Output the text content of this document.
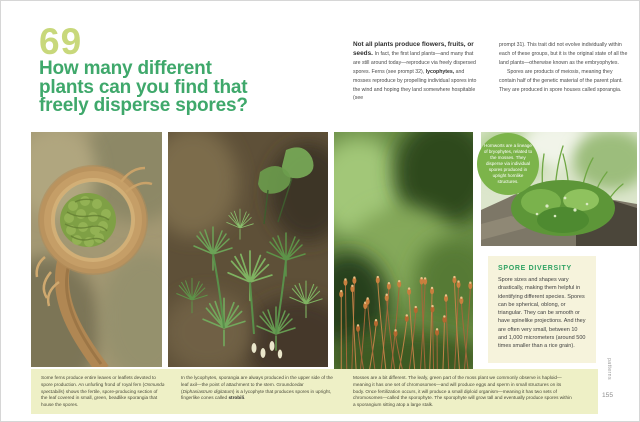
69
How many different
plants can you find that
freely disperse spores?

Not all plants produce flowers, fruits, or seeds. In fact, the first land plants—and many that are still around today—reproduce via freely dispersed spores. Ferns (see prompt 32), lycophytes, and mosses reproduce by propelling individual spores into the wind and hoping they land somewhere hospitable (see

prompt 31). This trait did not evolve individually within each of these groups, but it is the original state of all the land plants—otherwise known as the embryophytes.

Spores are products of meiosis, meaning they contain half of the genetic material of the parent plant. They are produced in spore houses called sporangia.

Hornworts are a lineage of bryophytes, related to the mosses. They disperse via individual spores produced in upright hornlike structures.

SPORE DIVERSITY

Spore sizes and shapes vary drastically, making them helpful in identifying different species. Spores can be spherical, oblong, or triangular. They can be smooth or have spinelike projections. And they are often very small, between 10 and 1,000 micrometers (around 500 times smaller than a rice grain).

Some ferns produce entire leaves or leaflets devoted to spore production. An unfurling frond of royal fern (Osmunda spectabilis) shows the fertile, spore-producing section of the leaf covered in small, green, beadlike sporangia that house the spores.
In the lycophytes, sporangia are always produced in the upper side of the leaf axil—the point of attachment to the stem. Groundcedar (Diphasiastrum digitatum) is a lycophyte that produces spores in upright, fingerlike cones called strobili.
Mosses are a bit different. The leafy, green part of the moss plant we commonly observe is haploid—meaning it has one set of chromosomes—and will produce eggs and sperm in small structures on its body. Once fertilization occurs, it will produce a small diploid organism—meaning it has two sets of chromosomes—called the sporophyte. The sporophyte will grow tall and eventually produce spores within a sporangium sitting atop a large stalk.
patterns
155
